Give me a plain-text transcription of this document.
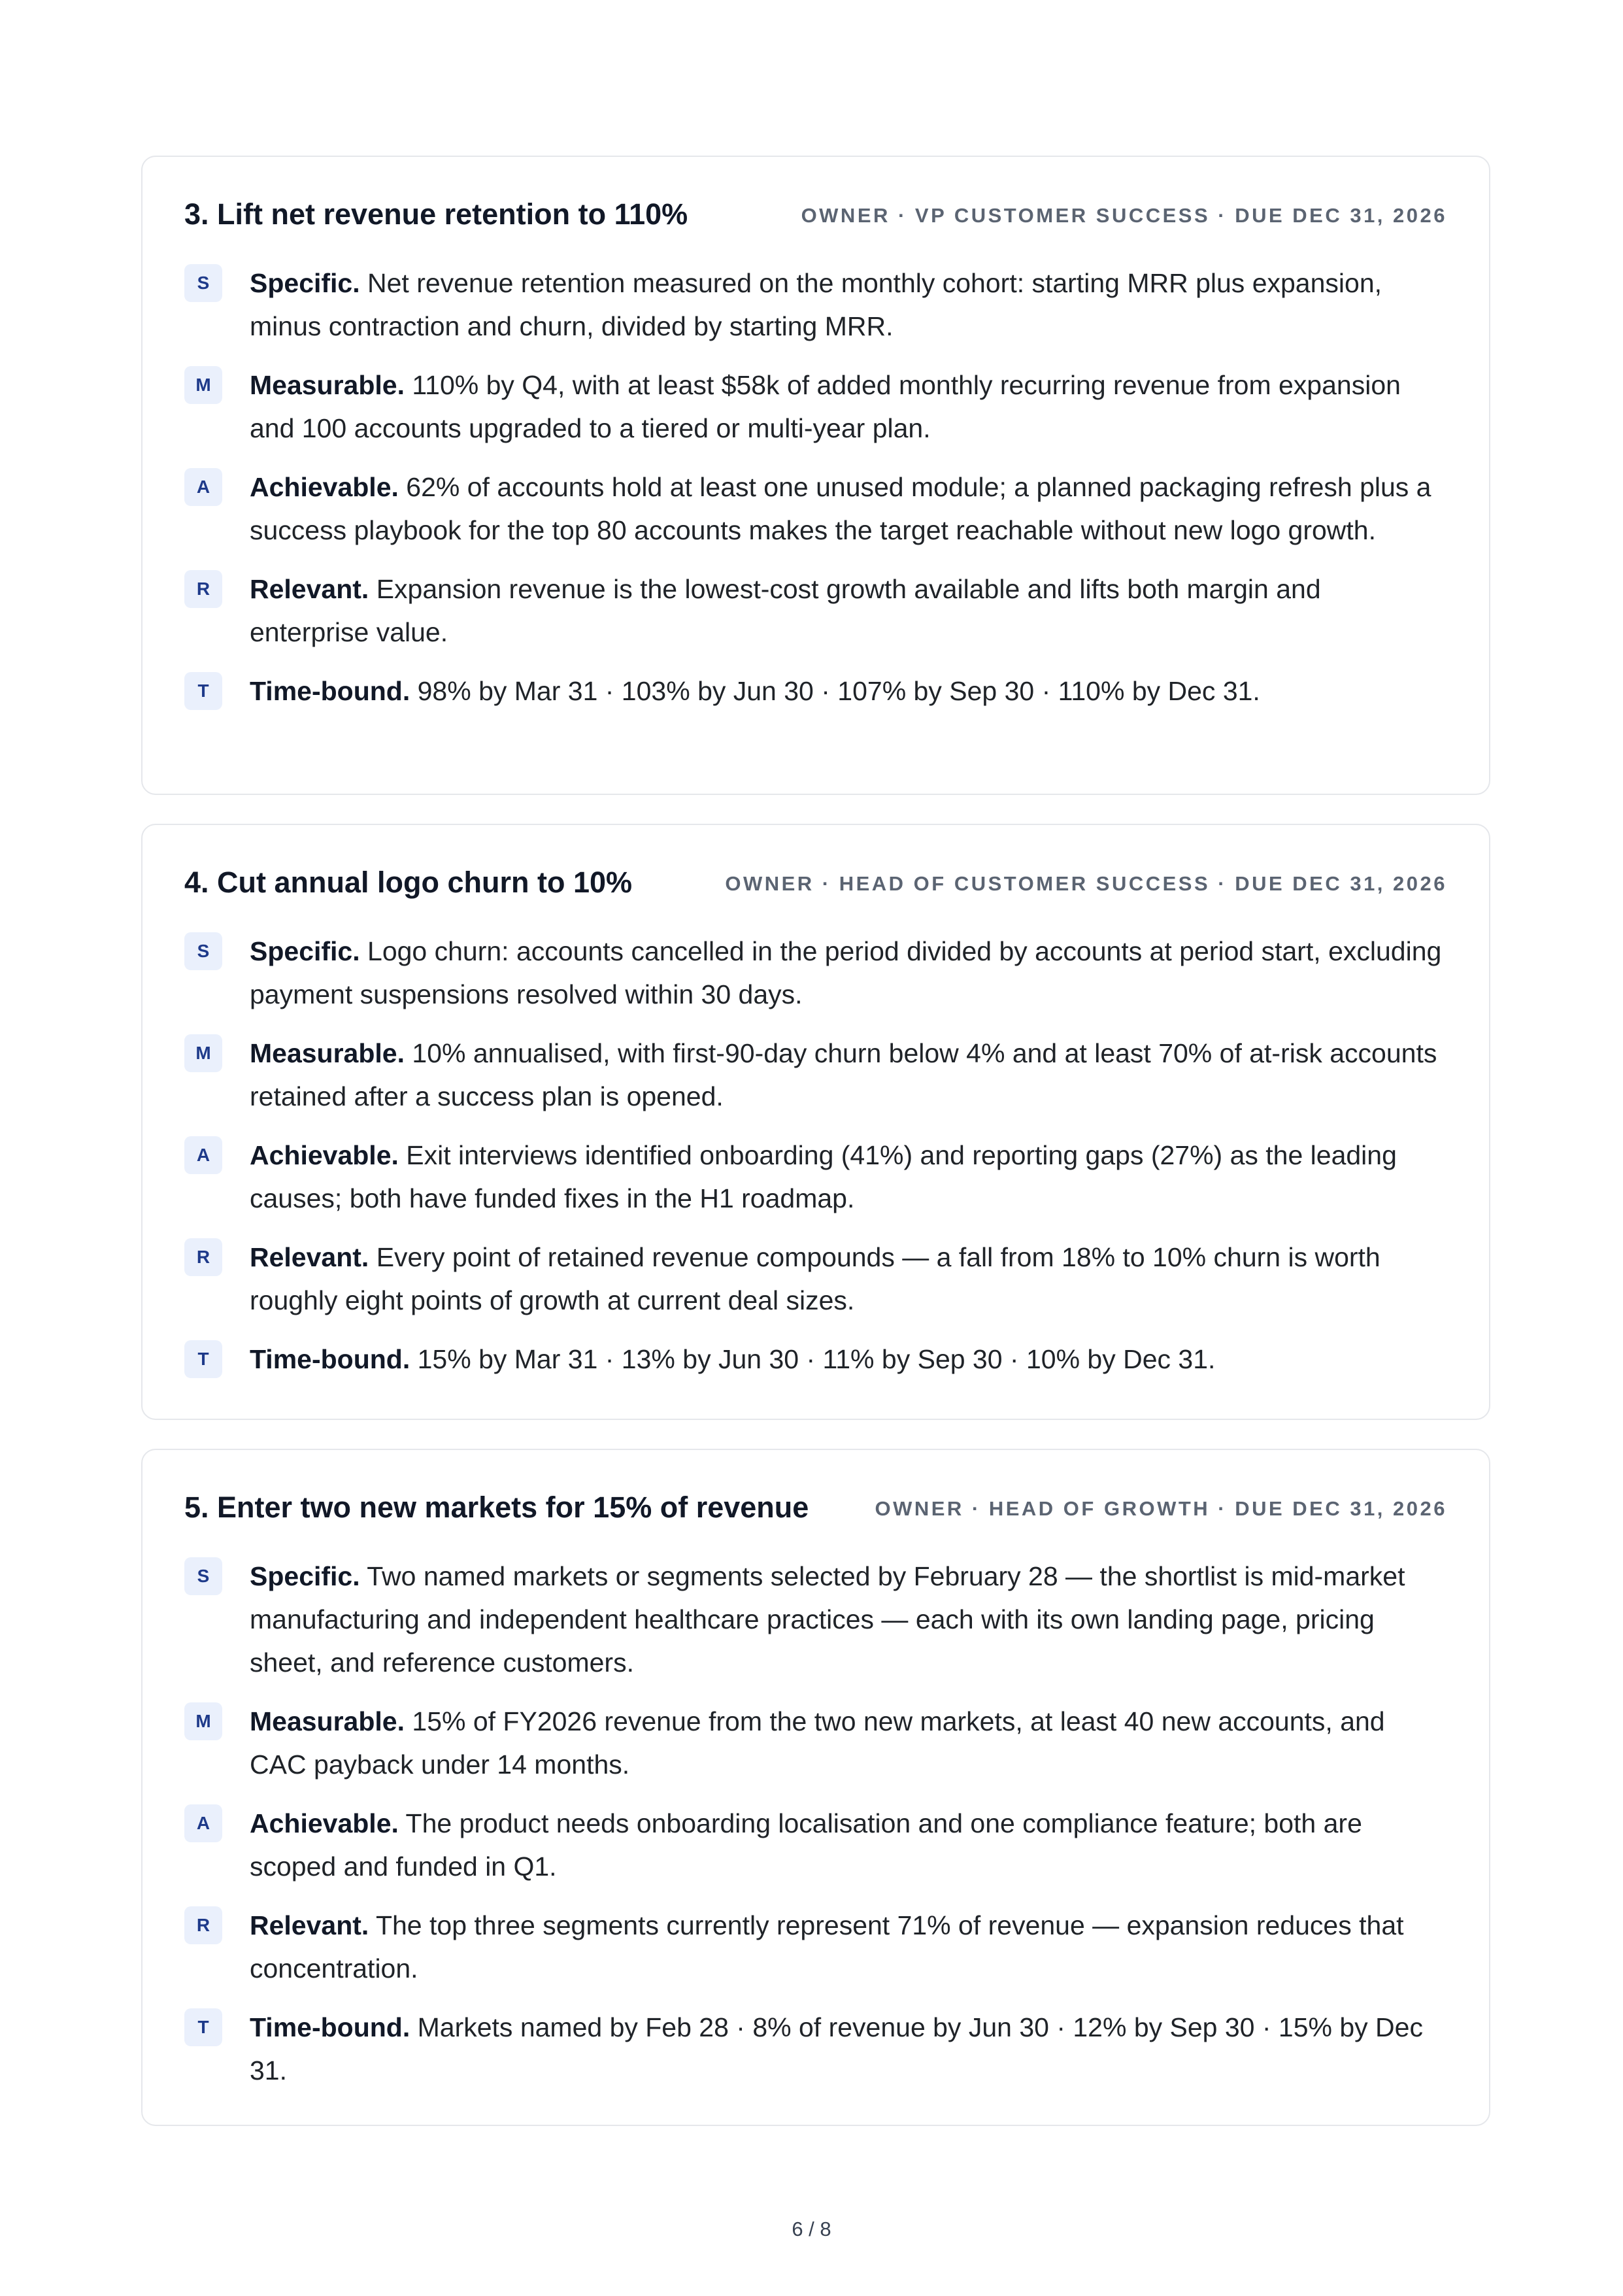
3. Lift net revenue retention to 110%	OWNER · VP CUSTOMER SUCCESS · DUE DEC 31, 2026
S	Specific. Net revenue retention measured on the monthly cohort: starting MRR plus expansion, minus contraction and churn, divided by starting MRR.
M	Measurable. 110% by Q4, with at least $58k of added monthly recurring revenue from expansion and 100 accounts upgraded to a tiered or multi-year plan.
A	Achievable. 62% of accounts hold at least one unused module; a planned packaging refresh plus a success playbook for the top 80 accounts makes the target reachable without new logo growth.
R	Relevant. Expansion revenue is the lowest-cost growth available and lifts both margin and enterprise value.
T	Time-bound. 98% by Mar 31 · 103% by Jun 30 · 107% by Sep 30 · 110% by Dec 31.
4. Cut annual logo churn to 10%	OWNER · HEAD OF CUSTOMER SUCCESS · DUE DEC 31, 2026
S	Specific. Logo churn: accounts cancelled in the period divided by accounts at period start, excluding payment suspensions resolved within 30 days.
M	Measurable. 10% annualised, with first-90-day churn below 4% and at least 70% of at-risk accounts retained after a success plan is opened.
A	Achievable. Exit interviews identified onboarding (41%) and reporting gaps (27%) as the leading causes; both have funded fixes in the H1 roadmap.
R	Relevant. Every point of retained revenue compounds — a fall from 18% to 10% churn is worth roughly eight points of growth at current deal sizes.
T	Time-bound. 15% by Mar 31 · 13% by Jun 30 · 11% by Sep 30 · 10% by Dec 31.
5. Enter two new markets for 15% of revenue	OWNER · HEAD OF GROWTH · DUE DEC 31, 2026
S	Specific. Two named markets or segments selected by February 28 — the shortlist is mid-market manufacturing and independent healthcare practices — each with its own landing page, pricing sheet, and reference customers.
M	Measurable. 15% of FY2026 revenue from the two new markets, at least 40 new accounts, and CAC payback under 14 months.
A	Achievable. The product needs onboarding localisation and one compliance feature; both are scoped and funded in Q1.
R	Relevant. The top three segments currently represent 71% of revenue — expansion reduces that concentration.
T	Time-bound. Markets named by Feb 28 · 8% of revenue by Jun 30 · 12% by Sep 30 · 15% by Dec 31.
6 / 8
